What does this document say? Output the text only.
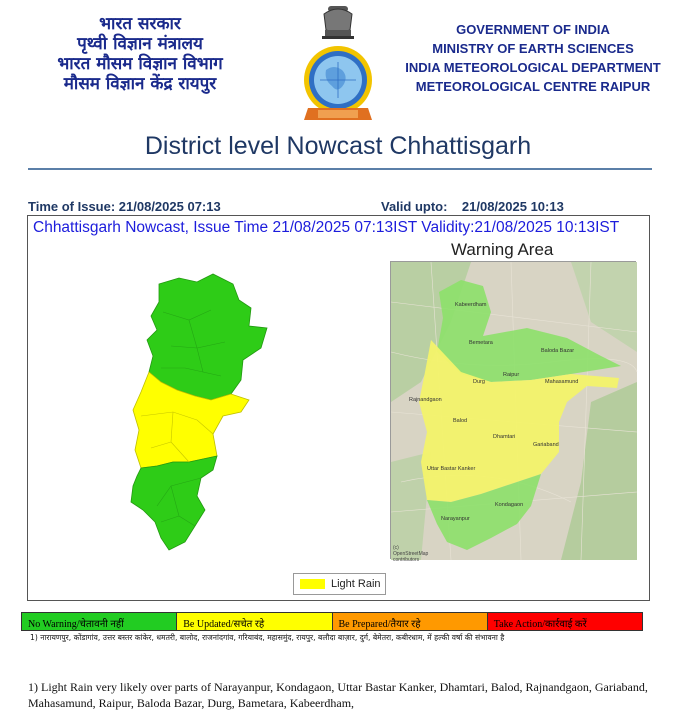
भारत सरकार
पृथ्वी विज्ञान मंत्रालय
भारत मौसम विज्ञान विभाग
मौसम विज्ञान केंद्र रायपुर
GOVERNMENT OF INDIA
MINISTRY OF EARTH SCIENCES
INDIA METEOROLOGICAL DEPARTMENT
METEOROLOGICAL CENTRE RAIPUR
District level Nowcast Chhattisgarh
Time of Issue: 21/08/2025 07:13	Valid upto:    21/08/2025 10:13
Chhattisgarh Nowcast, Issue Time 21/08/2025 07:13IST Validity:21/08/2025 10:13IST
Warning Area
Kabeerdham
Bemetara
Baloda Bazar
Durg
Raipur
Mahasamund
Rajnandgaon
Balod
Dhamtari
Gariaband
Uttar Bastar Kanker
Kondagaon
Narayanpur
(c)
OpenStreetMap
contributors
Light Rain
No Warning/चेतावनी नहीं	Be Updated/सचेत रहे	Be Prepared/तैयार रहे	Take Action/कार्रवाई करें
1) नारायणपुर, कोंडागांव, उत्तर बस्तर कांकेर, धमतरी, बालोद, राजनांदगांव, गरियाबंद, महासमुंद, रायपुर, बलौदा बाज़ार, दुर्ग, बेमेतरा, कबीरधाम, में हल्की वर्षा की संभावना है
1) Light Rain very likely over parts of Narayanpur, Kondagaon, Uttar Bastar Kanker, Dhamtari, Balod, Rajnandgaon, Gariaband, Mahasamund, Raipur, Baloda Bazar, Durg, Bametara, Kabeerdham,
